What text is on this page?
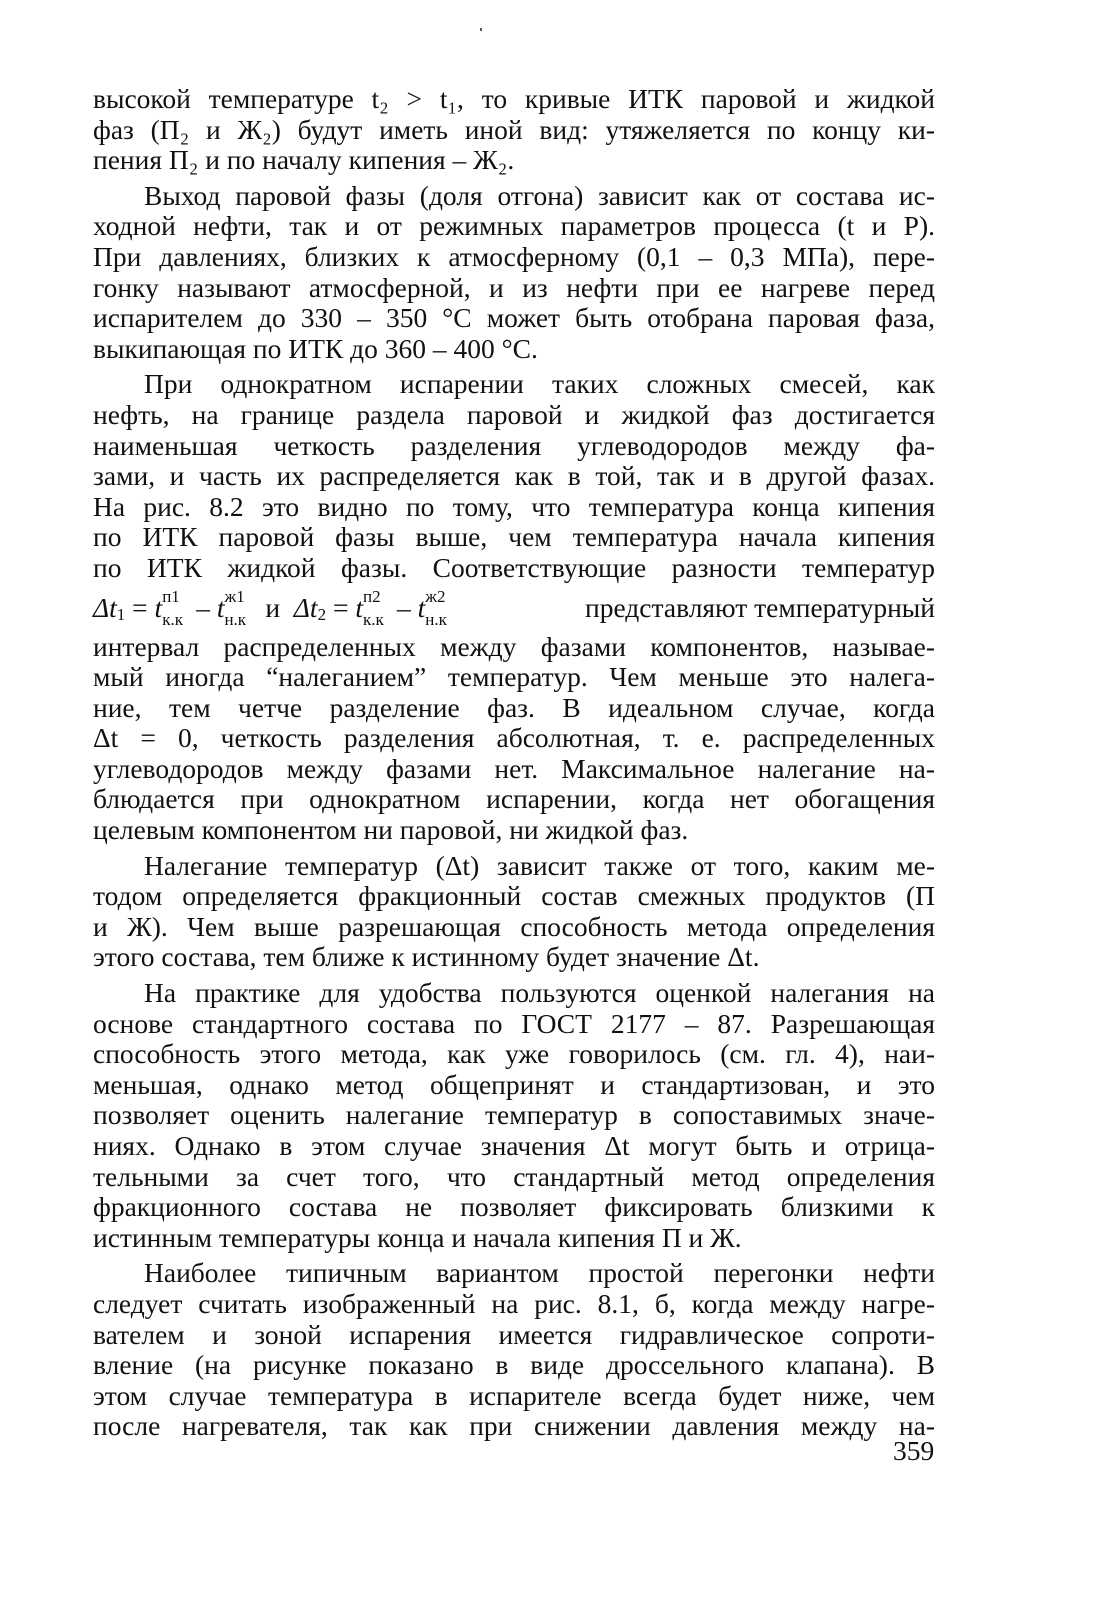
высокой температуре t₂ > t₁, то кривые ИТК паровой и жидкой
фаз (П₂ и Ж₂) будут иметь иной вид: утяжеляется по концу ки-
пения П₂ и по началу кипения – Ж₂.
Выход паровой фазы (доля отгона) зависит как от состава ис-
ходной нефти, так и от режимных параметров процесса (t и P).
При давлениях, близких к атмосферному (0,1 – 0,3 МПа), пере-
гонку называют атмосферной, и из нефти при ее нагреве перед
испарителем до 330 – 350 °С может быть отобрана паровая фаза,
выкипающая по ИТК до 360 – 400 °С.
При однократном испарении таких сложных смесей, как
нефть, на границе раздела паровой и жидкой фаз достигается
наименьшая четкость разделения углеводородов между фа-
зами, и часть их распределяется как в той, так и в другой фазах.
На рис. 8.2 это видно по тому, что температура конца кипения
по ИТК паровой фазы выше, чем температура начала кипения
по ИТК жидкой фазы. Соответствующие разности температур
Δt 1
=
t п1
к.к –
t ж1
н.к
и
Δt 2
=
t п2
к.к –
t ж2
н.к
	представляют температурный
интервал распределенных между фазами компонентов, называе-
мый иногда “налеганием” температур. Чем меньше это налега-
ние, тем четче разделение фаз. В идеальном случае, когда
Δt = 0, четкость разделения абсолютная, т. е. распределенных
углеводородов между фазами нет. Максимальное налегание на-
блюдается при однократном испарении, когда нет обогащения
целевым компонентом ни паровой, ни жидкой фаз.
Налегание температур (Δt) зависит также от того, каким ме-
тодом определяется фракционный состав смежных продуктов (П
и Ж). Чем выше разрешающая способность метода определения
этого состава, тем ближе к истинному будет значение Δt.
На практике для удобства пользуются оценкой налегания на
основе стандартного состава по ГОСТ 2177 – 87. Разрешающая
способность этого метода, как уже говорилось (см. гл. 4), наи-
меньшая, однако метод общепринят и стандартизован, и это
позволяет оценить налегание температур в сопоставимых значе-
ниях. Однако в этом случае значения Δt могут быть и отрица-
тельными за счет того, что стандартный метод определения
фракционного состава не позволяет фиксировать близкими к
истинным температуры конца и начала кипения П и Ж.
Наиболее типичным вариантом простой перегонки нефти
следует считать изображенный на рис. 8.1, б, когда между нагре-
вателем и зоной испарения имеется гидравлическое сопроти-
вление (на рисунке показано в виде дроссельного клапана). В
этом случае температура в испарителе всегда будет ниже, чем
после нагревателя, так как при снижении давления между на-
359
